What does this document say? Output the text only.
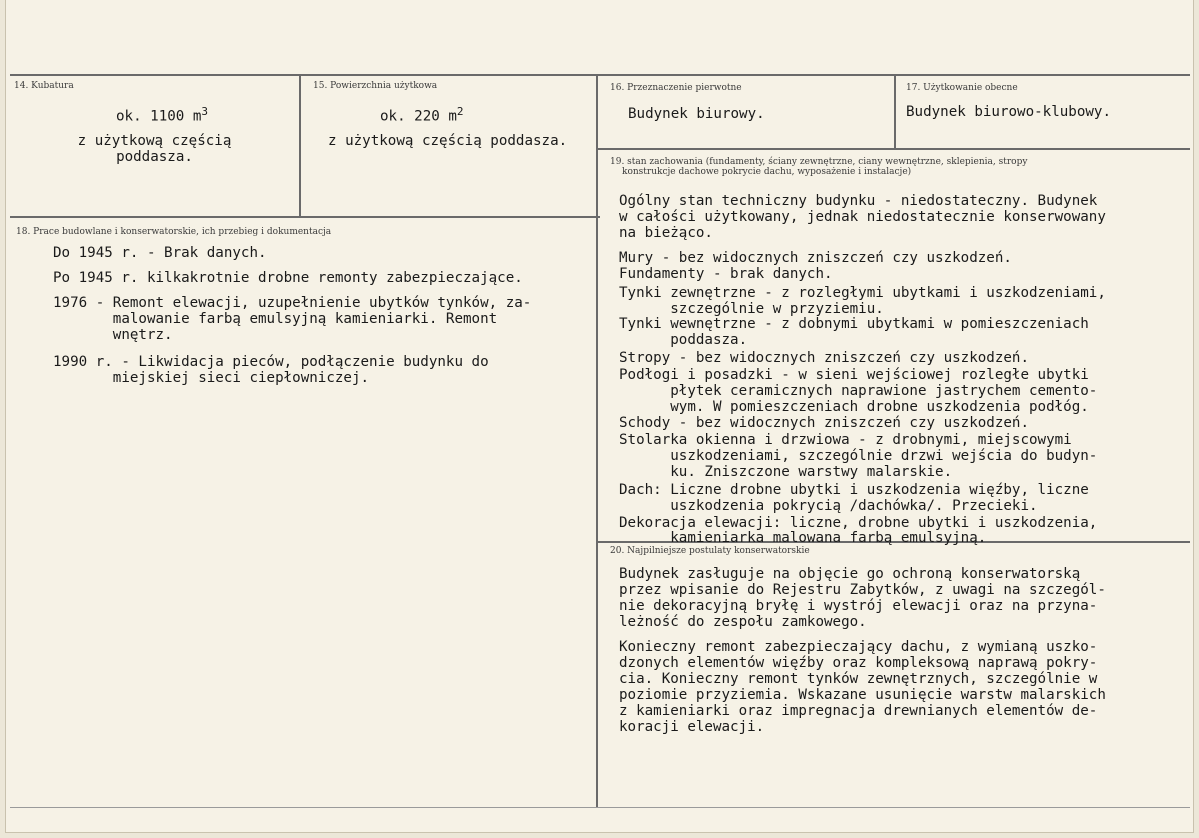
14. Kubatura
ok. 1100 $m^3$
z użytkową częścią
poddasza.
15. Powierzchnia użytkowa
ok. 220 $m^2$
z użytkową częścią poddasza.
16. Przeznaczenie pierwotne
Budynek biurowy.
17. Użytkowanie obecne
Budynek biurowo-klubowy.
18. Prace budowlane i konserwatorskie, ich przebieg i dokumentacja
Do 1945 r. - Brak danych.
Po 1945 r. kilkakrotnie drobne remonty zabezpieczające.
1976 - Remont elewacji, uzupełnienie ubytków tynków, za-
malowanie farbą emulsyjną kamieniarki. Remont
wnętrz.
1990 r. - Likwidacja pieców, podłączenie budynku do
miejskiej sieci ciepłowniczej.
19. stan zachowania (fundamenty, ściany zewnętrzne, ciany wewnętrzne, sklepienia, stropy
konstrukcje dachowe pokrycie dachu, wyposażenie i instalacje)
Ogólny stan techniczny budynku - niedostateczny. Budynek
w całości użytkowany, jednak niedostatecznie konserwowany
na bieżąco.
Mury - bez widocznych zniszczeń czy uszkodzeń.
Fundamenty - brak danych.
Tynki zewnętrzne - z rozległymi ubytkami i uszkodzeniami,
szczególnie w przyziemiu.
Tynki wewnętrzne - z dobnymi ubytkami w pomieszczeniach
poddasza.
Stropy - bez widocznych zniszczeń czy uszkodzeń.
Podłogi i posadzki - w sieni wejściowej rozległe ubytki
płytek ceramicznych naprawione jastrychem cemento-
wym. W pomieszczeniach drobne uszkodzenia podłóg.
Schody - bez widocznych zniszczeń czy uszkodzeń.
Stolarka okienna i drzwiowa - z drobnymi, miejscowymi
uszkodzeniami, szczególnie drzwi wejścia do budyn-
ku. Zniszczone warstwy malarskie.
Dach: Liczne drobne ubytki i uszkodzenia więźby, liczne
uszkodzenia pokrycią /dachówka/. Przecieki.
Dekoracja elewacji: liczne, drobne ubytki i uszkodzenia,
kamieniarka malowana farbą emulsyjną.
20. Najpilniejsze postulaty konserwatorskie
Budynek zasługuje na objęcie go ochroną konserwatorską
przez wpisanie do Rejestru Zabytków, z uwagi na szczegól-
nie dekoracyjną bryłę i wystrój elewacji oraz na przyna-
leżność do zespołu zamkowego.
Konieczny remont zabezpieczający dachu, z wymianą uszko-
dzonych elementów więźby oraz kompleksową naprawą pokry-
cia. Konieczny remont tynków zewnętrznych, szczególnie w
poziomie przyziemia. Wskazane usunięcie warstw malarskich
z kamieniarki oraz impregnacja drewnianych elementów de-
koracji elewacji.
